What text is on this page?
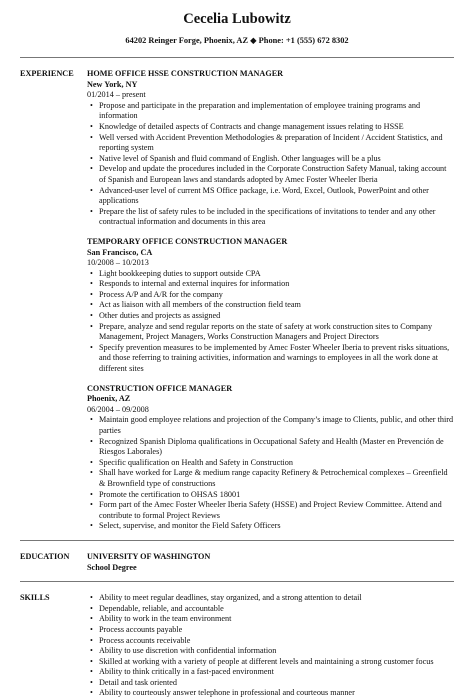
Cecelia Lubowitz
64202 Reinger Forge, Phoenix, AZ ◆ Phone: +1 (555) 672 8302
EXPERIENCE	HOME OFFICE HSSE CONSTRUCTION MANAGER
New York, NY
01/2014 – present
• Propose and participate in the preparation and implementation of employee training programs and information
• Knowledge of detailed aspects of Contracts and change management issues relating to HSSE
• Well versed with Accident Prevention Methodologies & preparation of Incident / Accident Statistics, and reporting system
• Native level of Spanish and fluid command of English. Other languages will be a plus
• Develop and update the procedures included in the Corporate Construction Safety Manual, taking account of Spanish and European laws and standards adopted by Amec Foster Wheeler Iberia
• Advanced-user level of current MS Office package, i.e. Word, Excel, Outlook, PowerPoint and other applications
• Prepare the list of safety rules to be included in the specifications of invitations to tender and any other contractual information and documents in this area
TEMPORARY OFFICE CONSTRUCTION MANAGER
San Francisco, CA
10/2008 – 10/2013
• Light bookkeeping duties to support outside CPA
• Responds to internal and external inquires for information
• Process A/P and A/R for the company
• Act as liaison with all members of the construction field team
• Other duties and projects as assigned
• Prepare, analyze and send regular reports on the state of safety at work construction sites to Company Management, Project Managers, Works Construction Managers and Project Directors
• Specify prevention measures to be implemented by Amec Foster Wheeler Iberia to prevent risks situations, and those referring to training activities, information and warnings to employees in all the work done at different sites
CONSTRUCTION OFFICE MANAGER
Phoenix, AZ
06/2004 – 09/2008
• Maintain good employee relations and projection of the Company’s image to Clients, public, and other third parties
• Recognized Spanish Diploma qualifications in Occupational Safety and Health (Master en Prevención de Riesgos Laborales)
• Specific qualification on Health and Safety in Construction
• Shall have worked for Large & medium range capacity Refinery & Petrochemical complexes – Greenfield & Brownfield type of constructions
• Promote the certification to OHSAS 18001
• Form part of the Amec Foster Wheeler Iberia Safety (HSSE) and Project Review Committee. Attend and contribute to formal Project Reviews
• Select, supervise, and monitor the Field Safety Officers
EDUCATION	UNIVERSITY OF WASHINGTON
School Degree
SKILLS
•	Ability to meet regular deadlines, stay organized, and a strong attention to detail
• Dependable, reliable, and accountable
• Ability to work in the team environment
• Process accounts payable
• Process accounts receivable
• Ability to use discretion with confidential information
• Skilled at working with a variety of people at different levels and maintaining a strong customer focus
• Ability to think critically in a fast-paced environment
• Detail and task oriented
• Ability to courteously answer telephone in professional and courteous manner
